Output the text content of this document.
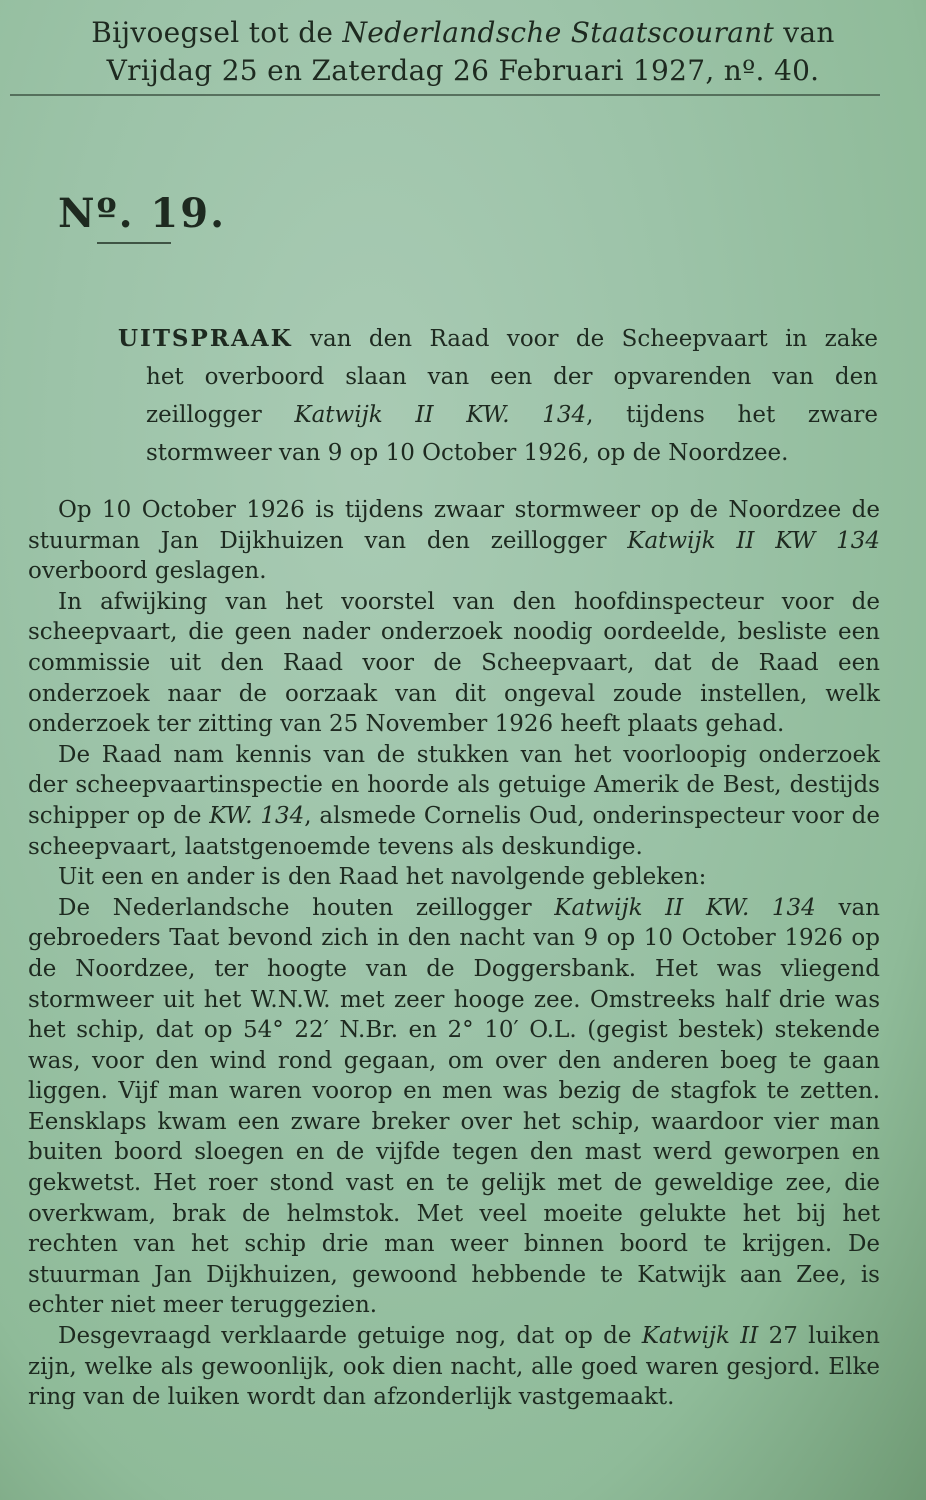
Bijvoegsel tot de Nederlandsche Staatscourant van
Vrijdag 25 en Zaterdag 26 Februari 1927, nº. 40.
Nº. 19.
UITSPRAAK van den Raad voor de Scheepvaart in zake
het overboord slaan van een der opvarenden van den
zeillogger Katwijk II KW. 134, tijdens het zware
stormweer van 9 op 10 October 1926, op de Noordzee.

Op 10 October 1926 is tijdens zwaar stormweer op de Noordzee de stuurman Jan Dijkhuizen van den zeillogger Katwijk II KW 134 overboord geslagen.

In afwijking van het voorstel van den hoofdinspecteur voor de scheepvaart, die geen nader onderzoek noodig oordeelde, besliste een commissie uit den Raad voor de Scheepvaart, dat de Raad een onderzoek naar de oorzaak van dit ongeval zoude instellen, welk onderzoek ter zitting van 25 November 1926 heeft plaats gehad.

De Raad nam kennis van de stukken van het voorloopig onderzoek der scheepvaartinspectie en hoorde als getuige Amerik de Best, destijds schipper op de KW. 134, alsmede Cornelis Oud, onderinspecteur voor de scheepvaart, laatstgenoemde tevens als deskundige.

Uit een en ander is den Raad het navolgende gebleken:

De Nederlandsche houten zeillogger Katwijk II KW. 134 van gebroeders Taat bevond zich in den nacht van 9 op 10 October 1926 op de Noordzee, ter hoogte van de Doggersbank. Het was vliegend stormweer uit het W.N.W. met zeer hooge zee. Omstreeks half drie was het schip, dat op 54° 22′ N.Br. en 2° 10′ O.L. (gegist bestek) stekende was, voor den wind rond gegaan, om over den anderen boeg te gaan liggen. Vijf man waren voorop en men was bezig de stagfok te zetten. Eensklaps kwam een zware breker over het schip, waardoor vier man buiten boord sloegen en de vijfde tegen den mast werd geworpen en gekwetst. Het roer stond vast en te gelijk met de geweldige zee, die overkwam, brak de helmstok. Met veel moeite gelukte het bij het rechten van het schip drie man weer binnen boord te krijgen. De stuurman Jan Dijkhuizen, gewoond hebbende te Katwijk aan Zee, is echter niet meer teruggezien.

Desgevraagd verklaarde getuige nog, dat op de Katwijk II 27 luiken zijn, welke als gewoonlijk, ook dien nacht, alle goed waren gesjord. Elke ring van de luiken wordt dan afzonderlijk vastgemaakt.
